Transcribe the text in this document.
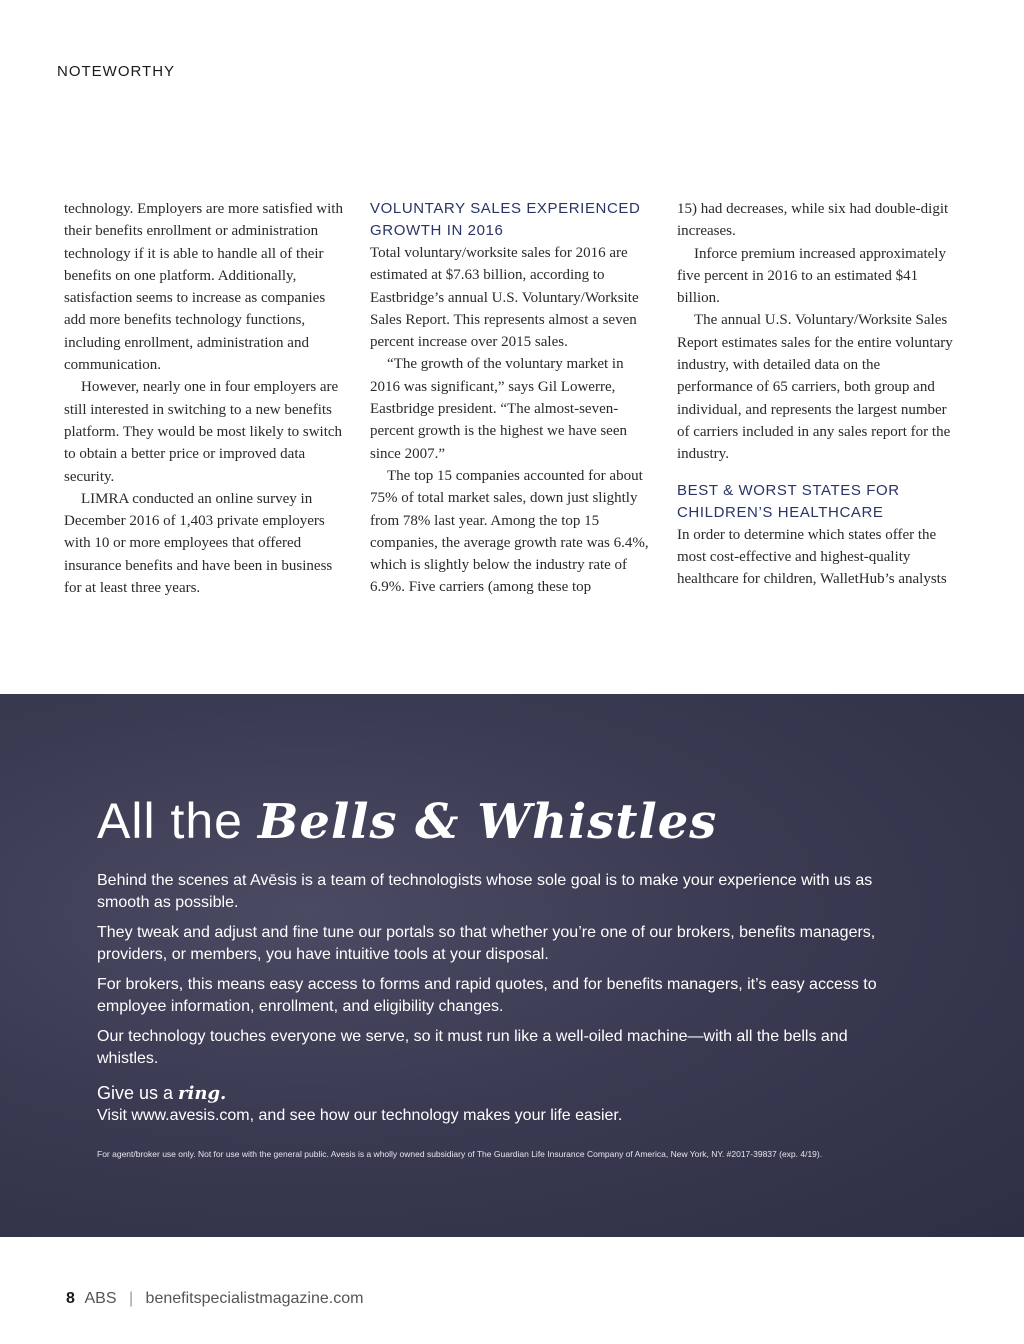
NOTEWORTHY

technology. Employers are more satisfied with their benefits enrollment or administration technology if it is able to handle all of their benefits on one platform. Additionally, satisfaction seems to increase as companies add more benefits technology functions, including enrollment, administration and communication.

However, nearly one in four employers are still interested in switching to a new benefits platform. They would be most likely to switch to obtain a better price or improved data security.

LIMRA conducted an online survey in December 2016 of 1,403 private employers with 10 or more employees that offered insurance benefits and have been in business for at least three years.

VOLUNTARY SALES EXPERIENCED GROWTH IN 2016

Total voluntary/worksite sales for 2016 are estimated at $7.63 billion, according to Eastbridge’s annual U.S. Voluntary/Worksite Sales Report. This represents almost a seven percent increase over 2015 sales.

“The growth of the voluntary market in 2016 was significant,” says Gil Lowerre, Eastbridge president. “The almost-seven-percent growth is the highest we have seen since 2007.”

The top 15 companies accounted for about 75% of total market sales, down just slightly from 78% last year. Among the top 15 companies, the average growth rate was 6.4%, which is slightly below the industry rate of 6.9%. Five carriers (among these top

15) had decreases, while six had double-digit increases.

Inforce premium increased approximately five percent in 2016 to an estimated $41 billion.

The annual U.S. Voluntary/Worksite Sales Report estimates sales for the entire voluntary industry, with detailed data on the performance of 65 carriers, both group and individual, and represents the largest number of carriers included in any sales report for the industry.

BEST & WORST STATES FOR CHILDREN’S HEALTHCARE

In order to determine which states offer the most cost-effective and highest-quality healthcare for children, WalletHub’s analysts

All the Bells & Whistles

Behind the scenes at Avēsis is a team of technologists whose sole goal is to make your experience with us as smooth as possible.

They tweak and adjust and fine tune our portals so that whether you’re one of our brokers, benefits managers, providers, or members, you have intuitive tools at your disposal.

For brokers, this means easy access to forms and rapid quotes, and for benefits managers, it’s easy access to employee information, enrollment, and eligibility changes.

Our technology touches everyone we serve, so it must run like a well-oiled machine—with all the bells and whistles.

Give us a ring.
Visit www.avesis.com, and see how our technology makes your life easier.
For agent/broker use only. Not for use with the general public. Avesis is a wholly owned subsidiary of The Guardian Life Insurance Company of America, New York, NY. #2017-39837 (exp. 4/19).
8 ABS | benefitspecialistmagazine.com
